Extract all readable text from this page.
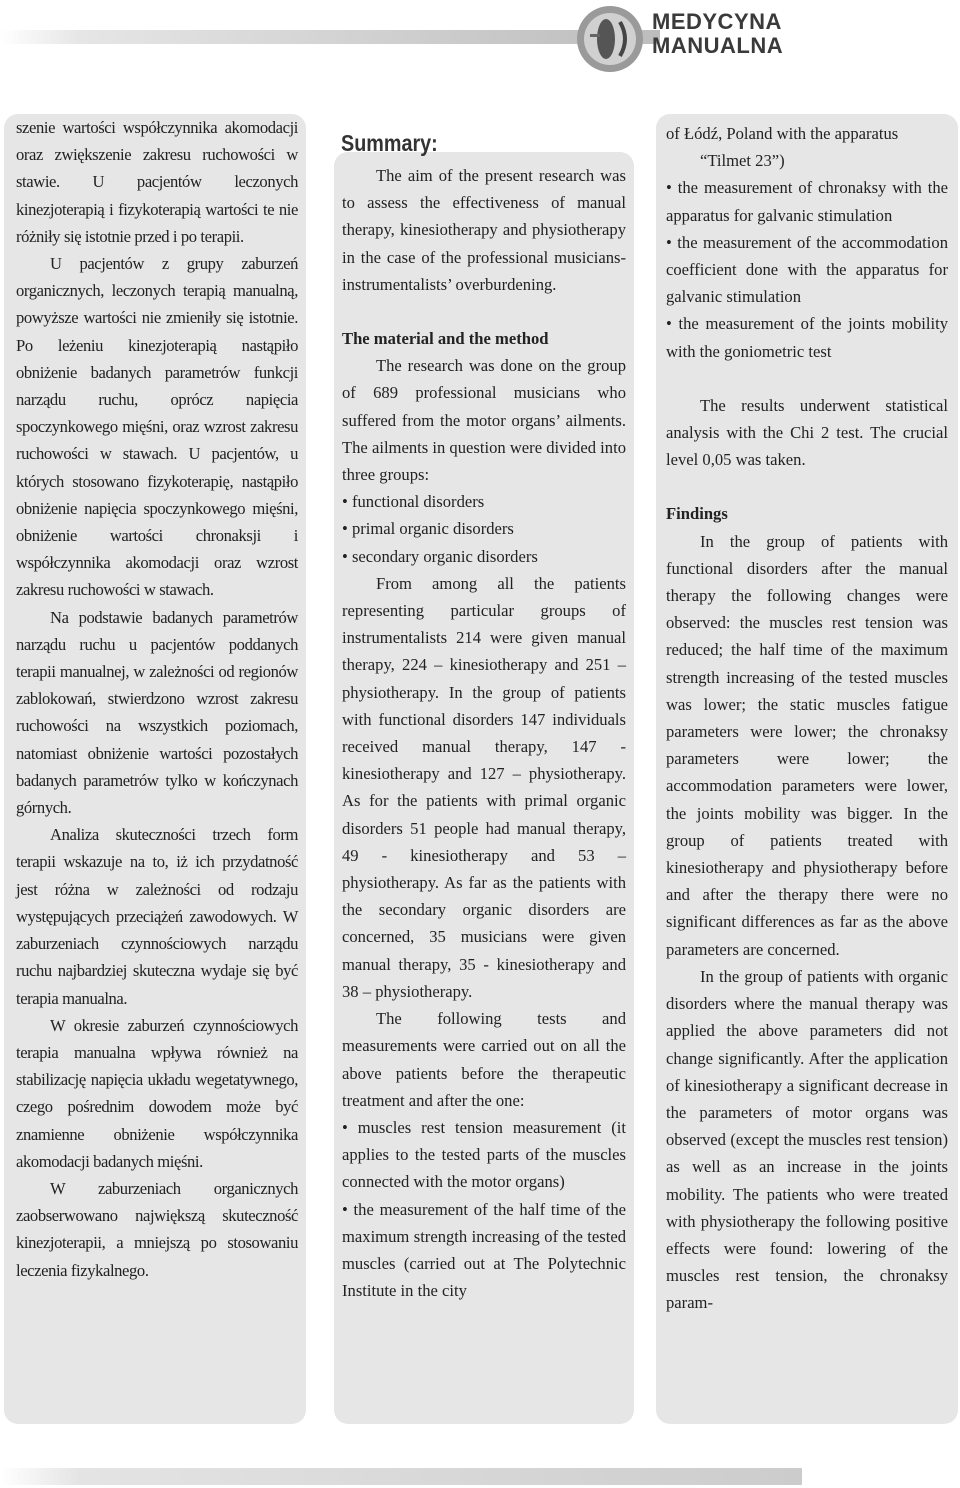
MEDYCYNA
MANUALNA

szenie wartości współczynnika akomodacji oraz zwiększenie zakresu ruchowości w stawie. U pacjentów leczonych kinezjoterapią i fizykoterapią wartości te nie różniły się istotnie przed i po terapii.

U pacjentów z grupy zaburzeń organicznych, leczonych terapią manualną, powyższe wartości nie zmieniły się istotnie. Po leżeniu kinezjoterapią nastąpiło obniżenie badanych parametrów funkcji narządu ruchu, oprócz napięcia spoczynkowego mięśni, oraz wzrost zakresu ruchowości w stawach. U pacjentów, u których stosowano fizykoterapię, nastąpiło obniżenie napięcia spoczynkowego mięśni, obniżenie wartości chronaksji i współczynnika akomodacji oraz wzrost zakresu ruchowości w stawach.

Na podstawie badanych parametrów narządu ruchu u pacjentów poddanych terapii manualnej, w zależności od regionów zablokowań, stwierdzono wzrost zakresu ruchowości na wszystkich poziomach, natomiast obniżenie wartości pozostałych badanych parametrów tylko w kończynach górnych.

Analiza skuteczności trzech form terapii wskazuje na to, iż ich przydatność jest różna w zależności od rodzaju występujących przeciążeń zawodowych. W zaburzeniach czynnościowych narządu ruchu najbardziej skuteczna wydaje się być terapia manualna.

W okresie zaburzeń czynnościowych terapia manualna wpływa również na stabilizację napięcia układu wegetatywnego, czego pośrednim dowodem może być znamienne obniżenie współczynnika akomodacji badanych mięśni.

W zaburzeniach organicznych zaobserwowano największą skuteczność kinezjoterapii, a mniejszą po stosowaniu leczenia fizykalnego.

The aim of the present research was to assess the effectiveness of manual therapy, kinesiotherapy and physiotherapy in the case of the professional musicians-instrumentalists’ overburdening.

The material and the method

The research was done on the group of 689 professional musicians who suffered from the motor organs’ ailments. The ailments in question were divided into three groups:

• functional disorders

• primal organic disorders

• secondary organic disorders

From among all the patients representing particular groups of instrumentalists 214 were given manual therapy, 224 – kinesiotherapy and 251 – physiotherapy. In the group of patients with functional disorders 147 individuals received manual therapy, 147 - kinesiotherapy and 127 – physiotherapy. As for the patients with primal organic disorders 51 people had manual therapy, 49 - kinesiotherapy and 53 – physiotherapy. As far as the patients with the secondary organic disorders are concerned, 35 musicians were given manual therapy, 35 - kinesiotherapy and 38 – physiotherapy.

The following tests and measurements were carried out on all the above patients before the therapeutic treatment and after the one:

• muscles rest tension measurement (it applies to the tested parts of the muscles connected with the motor organs)

• the measurement of the half time of the maximum strength increasing of the tested muscles (carried out at The Polytechnic Institute in the city

Summary:	of Łódź, Poland with the apparatus

“Tilmet 23”)

• the measurement of chronaksy with the apparatus for galvanic stimulation

• the measurement of the accommodation coefficient done with the apparatus for galvanic stimulation

• the measurement of the joints mobility with the goniometric test

The results underwent statistical analysis with the Chi 2 test. The crucial level 0,05 was taken.

Findings

In the group of patients with functional disorders after the manual therapy the following changes were observed: the muscles rest tension was reduced; the half time of the maximum strength increasing of the tested muscles was lower; the static muscles fatigue parameters were lower; the chronaksy parameters were lower; the accommodation parameters were lower, the joints mobility was bigger. In the group of patients treated with kinesiotherapy and physiotherapy before and after the therapy there were no significant differences as far as the above parameters are concerned.

In the group of patients with organic disorders where the manual therapy was applied the above parameters did not change significantly. After the application of kinesiotherapy a significant decrease in the parameters of motor organs was observed (except the muscles rest tension) as well as an increase in the joints mobility. The patients who were treated with physiotherapy the following positive effects were found: lowering of the muscles rest tension, the chronaksy param-
